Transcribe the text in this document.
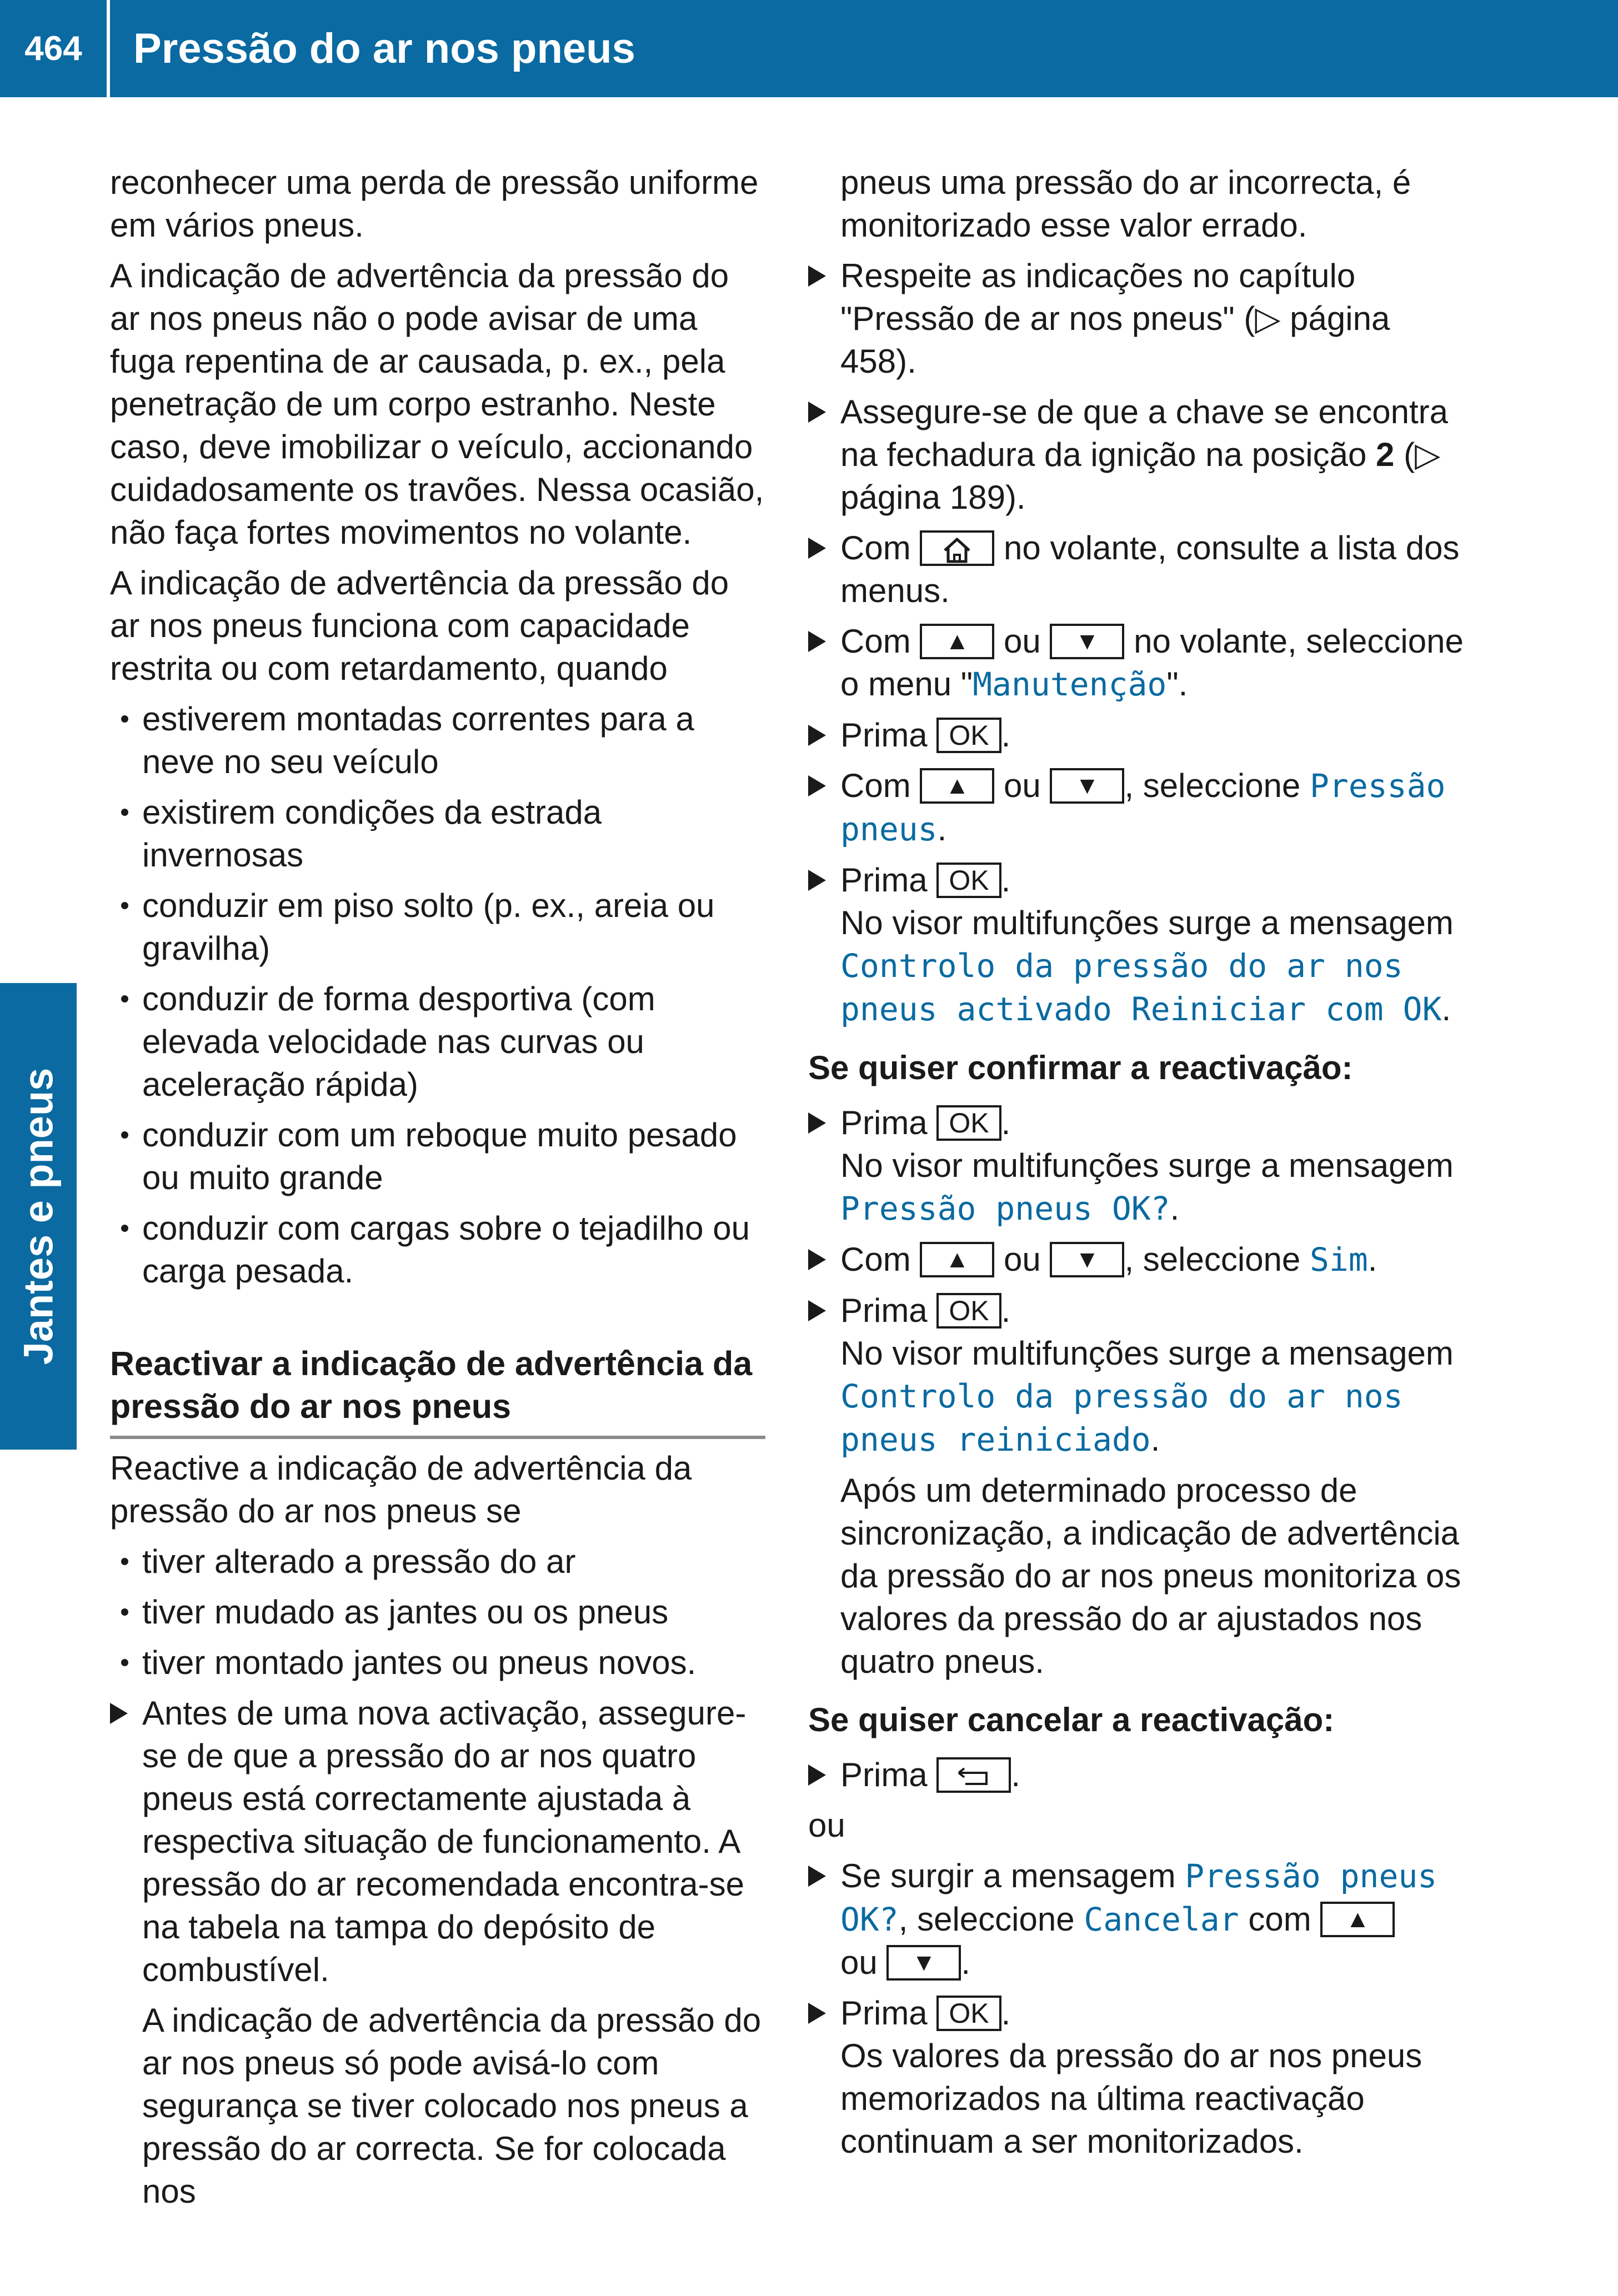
464	Pressão do ar nos pneus
Jantes e pneus

reconhecer uma perda de pressão uniforme em vários pneus.

A indicação de advertência da pressão do ar nos pneus não o pode avisar de uma fuga repentina de ar causada, p. ex., pela penetração de um corpo estranho. Neste caso, deve imobilizar o veículo, accionando cuidadosamente os travões. Nessa ocasião, não faça fortes movimentos no volante.

A indicação de advertência da pressão do ar nos pneus funciona com capacidade restrita ou com retardamento, quando

estiverem montadas correntes para a neve no seu veículo
existirem condições da estrada invernosas
conduzir em piso solto (p. ex., areia ou gravilha)
conduzir de forma desportiva (com elevada velocidade nas curvas ou aceleração rápida)
conduzir com um reboque muito pesado ou muito grande
conduzir com cargas sobre o tejadilho ou carga pesada.
Reactivar a indicação de advertência da pressão do ar nos pneus

Reactive a indicação de advertência da pressão do ar nos pneus se

tiver alterado a pressão do ar
tiver mudado as jantes ou os pneus
tiver montado jantes ou pneus novos.
Antes de uma nova activação, assegure-se de que a pressão do ar nos quatro pneus está correctamente ajustada à respectiva situação de funcionamento. A pressão do ar recomendada encontra-se na tabela na tampa do depósito de combustível.

A indicação de advertência da pressão do ar nos pneus só pode avisá-lo com segurança se tiver colocado nos pneus a pressão do ar correcta. Se for colocada nos

pneus uma pressão do ar incorrecta, é monitorizado esse valor errado.

Respeite as indicações no capítulo "Pressão de ar nos pneus" (▷ página 458).
Assegure-se de que a chave se encontra na fechadura da ignição na posição 2 (▷ página 189).
Com	no volante, consulte a lista dos menus.
Com ▲ ou ▼ no volante, seleccione o menu "Manutenção".
Prima OK .
Com ▲ ou ▼ , seleccione Pressão pneus.
Prima OK .
No visor multifunções surge a mensagem
Controlo da pressão do ar nos pneus activado Reiniciar com OK.
Se quiser confirmar a reactivação:
Prima OK .
No visor multifunções surge a mensagem
Pressão pneus OK?.
Com ▲ ou ▼ , seleccione Sim.
Prima OK .
No visor multifunções surge a mensagem
Controlo da pressão do ar nos pneus reiniciado.

Após um determinado processo de sincronização, a indicação de advertência da pressão do ar nos pneus monitoriza os valores da pressão do ar ajustados nos quatro pneus.

Se quiser cancelar a reactivação:
Prima	.

ou

Se surgir a mensagem Pressão pneus OK?, seleccione Cancelar com ▲
ou ▼ .
Prima OK .
Os valores da pressão do ar nos pneus memorizados na última reactivação continuam a ser monitorizados.
